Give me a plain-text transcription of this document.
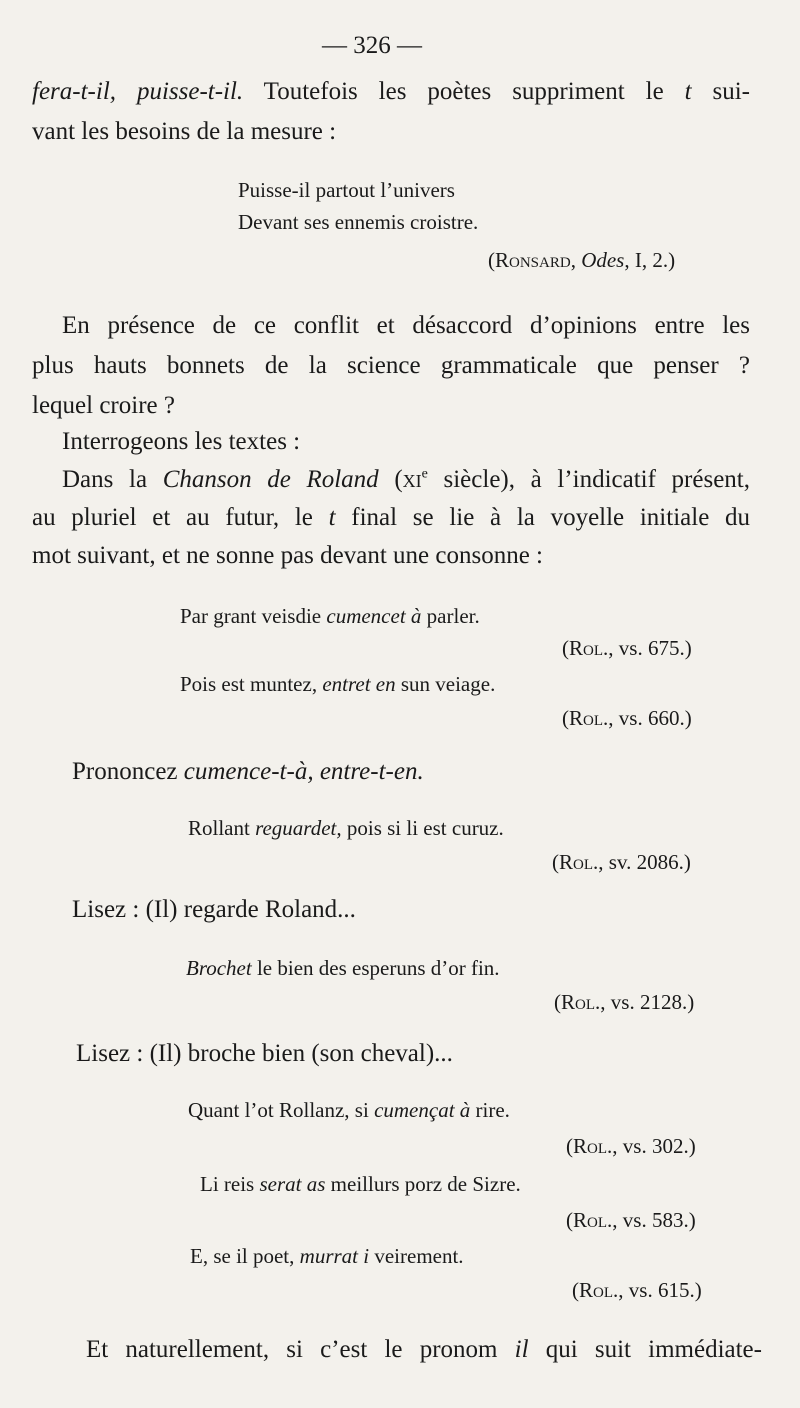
— 326 —
fera-t-il, puisse-t-il. Toutefois les poètes suppriment le t sui-
vant les besoins de la mesure :
Puisse-il partout l’univers
Devant ses ennemis croistre.
(Ronsard, Odes, I, 2.)
En présence de ce conflit et désaccord d’opinions entre les
plus hauts bonnets de la science grammaticale que penser ?
lequel croire ?
Interrogeons les textes :
Dans la Chanson de Roland ($xi^e$ siècle), à l’indicatif présent,
au pluriel et au futur, le t final se lie à la voyelle initiale du
mot suivant, et ne sonne pas devant une consonne :
Par grant veisdie cumencet à parler.
(Rol., vs. 675.)
Pois est muntez, entret en sun veiage.
(Rol., vs. 660.)
Prononcez cumence-t-à, entre-t-en.
Rollant reguardet, pois si li est curuz.
(Rol., sv. 2086.)
Lisez : (Il) regarde Roland...
Brochet le bien des esperuns d’or fin.
(Rol., vs. 2128.)
Lisez : (Il) broche bien (son cheval)...
Quant l’ot Rollanz, si cumençat à rire.
(Rol., vs. 302.)
Li reis serat as meillurs porz de Sizre.
(Rol., vs. 583.)
E, se il poet, murrat i veirement.
(Rol., vs. 615.)
Et naturellement, si c’est le pronom il qui suit immédiate-
